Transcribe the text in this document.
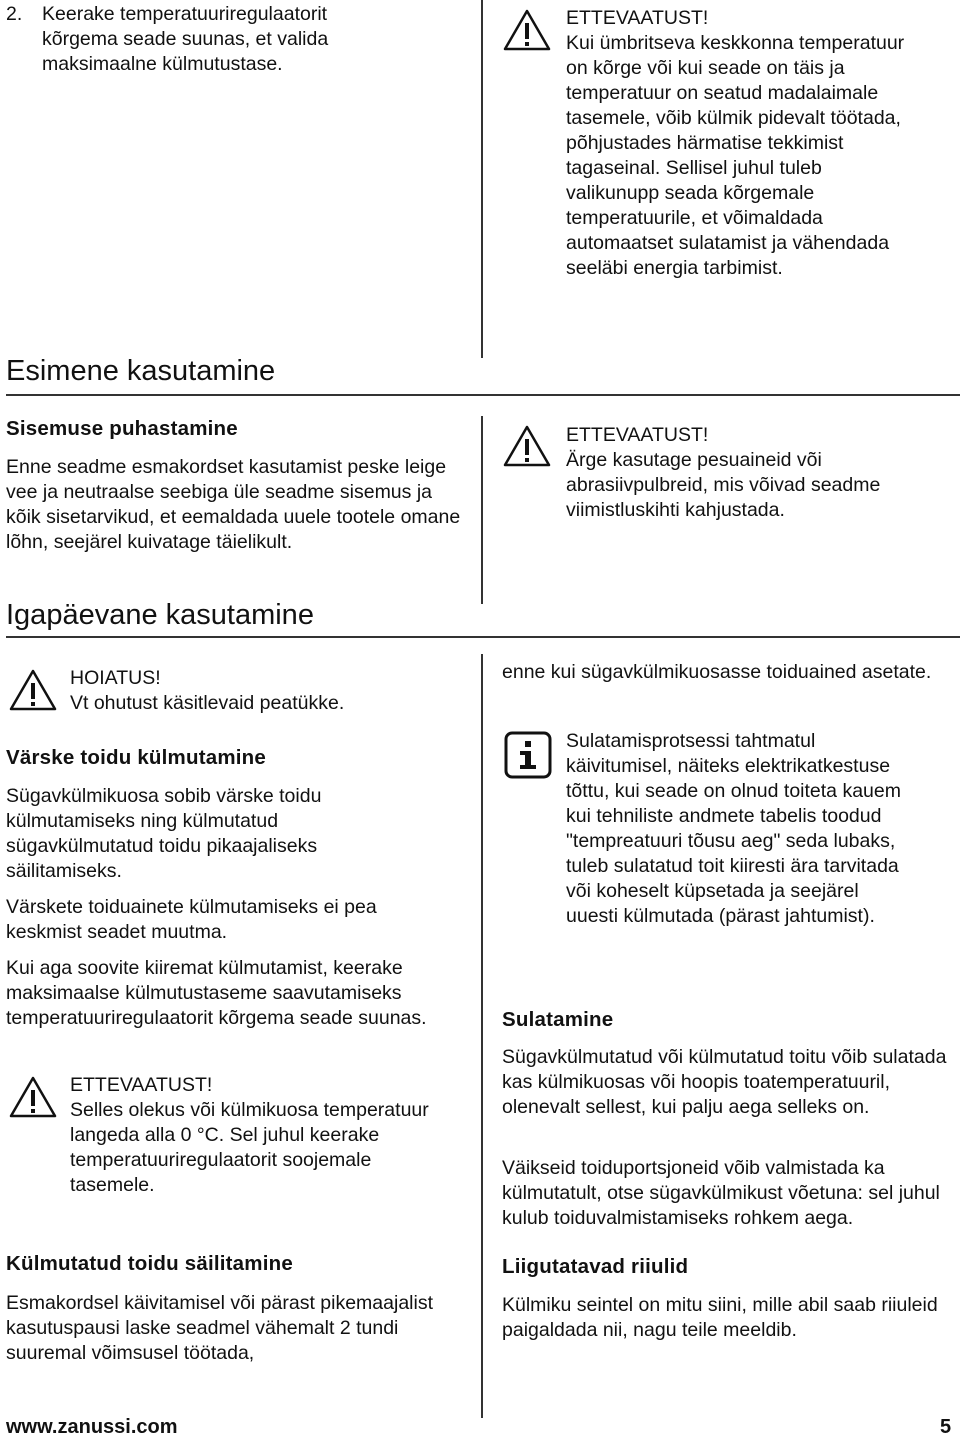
2.	Keerake temperatuuriregulaatorit kõrgema seade suunas, et valida maksimaalne külmutustase.
Esimene kasutamine
Sisemuse puhastamine
Enne seadme esmakordset kasutamist peske leige vee ja neutraalse seebiga üle seadme sisemus ja kõik sisetarvikud, et eemaldada uuele tootele omane lõhn, seejärel kuivatage täielikult.
Igapäevane kasutamine
HOIATUS!
Vt ohutust käsitlevaid peatükke.
Värske toidu külmutamine
Sügavkülmikuosa sobib värske toidu külmutamiseks ning külmutatud sügavkülmutatud toidu pikaajaliseks säilitamiseks.
Värskete toiduainete külmutamiseks ei pea keskmist seadet muutma.
Kui aga soovite kiiremat külmutamist, keerake maksimaalse külmutustaseme saavutamiseks temperatuuriregulaatorit kõrgema seade suunas.
ETTEVAATUST!
Selles olekus või külmikuosa temperatuur langeda alla 0 °C. Sel juhul keerake temperatuuriregulaatorit soojemale tasemele.
Külmutatud toidu säilitamine
Esmakordsel käivitamisel või pärast pikemaajalist kasutuspausi laske seadmel vähemalt 2 tundi suuremal võimsusel töötada,
ETTEVAATUST!
Kui ümbritseva keskkonna temperatuur on kõrge või kui seade on täis ja temperatuur on seatud madalaimale tasemele, võib külmik pidevalt töötada, põhjustades härmatise tekkimist tagaseinal. Sellisel juhul tuleb valikunupp seada kõrgemale temperatuurile, et võimaldada automaatset sulatamist ja vähendada seeläbi energia tarbimist.
ETTEVAATUST!
Ärge kasutage pesuaineid või abrasiivpulbreid, mis võivad seadme viimistluskihti kahjustada.
enne kui sügavkülmikuosasse toiduained asetate.
Sulatamisprotsessi tahtmatul käivitumisel, näiteks elektrikatkestuse tõttu, kui seade on olnud toiteta kauem kui tehniliste andmete tabelis toodud "tempreatuuri tõusu aeg" seda lubaks, tuleb sulatatud toit kiiresti ära tarvitada või koheselt küpsetada ja seejärel uuesti külmutada (pärast jahtumist).
Sulatamine
Sügavkülmutatud või külmutatud toitu võib sulatada kas külmikuosas või hoopis toatemperatuuril, olenevalt sellest, kui palju aega selleks on.
Väikseid toiduportsjoneid võib valmistada ka külmutatult, otse sügavkülmikust võetuna: sel juhul kulub toiduvalmistamiseks rohkem aega.
Liigutatavad riiulid
Külmiku seintel on mitu siini, mille abil saab riiuleid paigaldada nii, nagu teile meeldib.
www.zanussi.com	5
